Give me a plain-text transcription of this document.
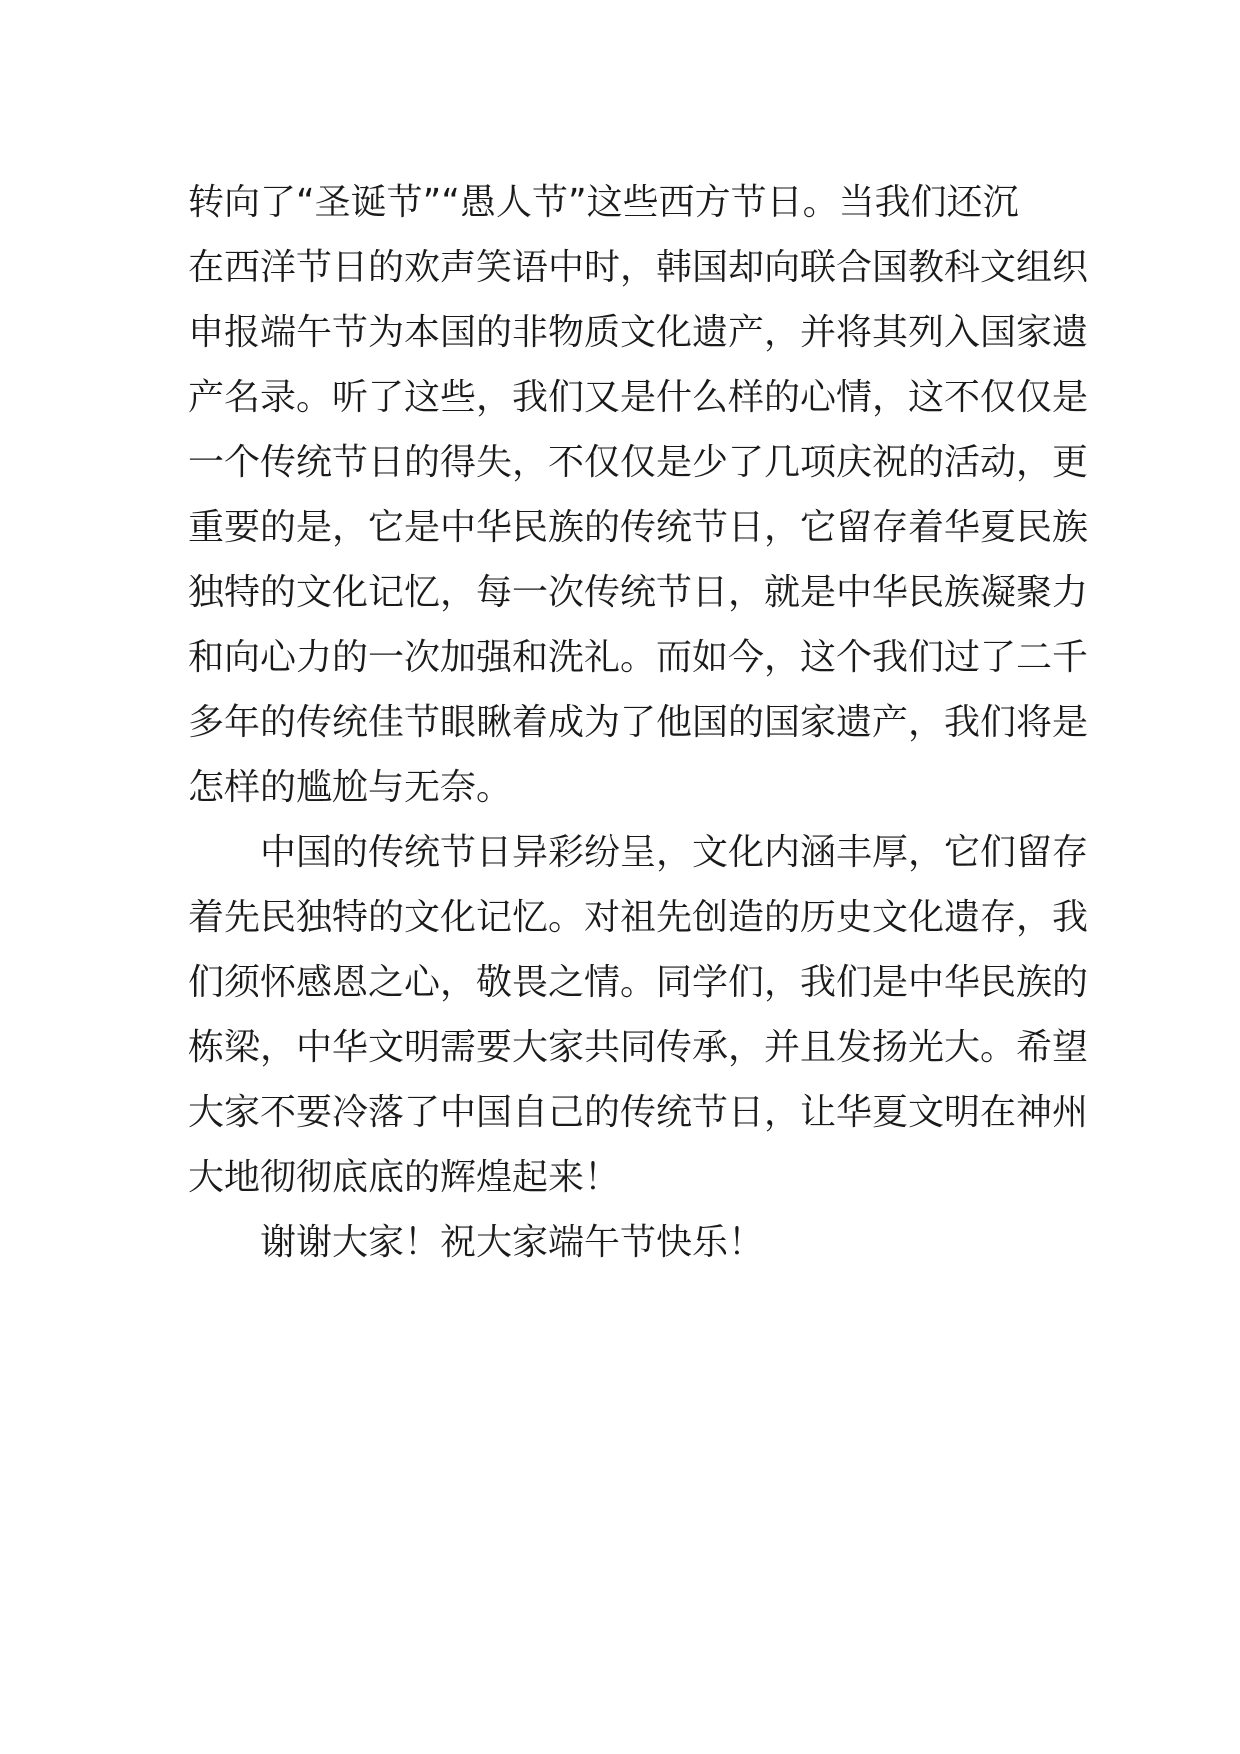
转向了“圣诞节”“愚人节”这些西方节日。当我们还沉
在西洋节日的欢声笑语中时，韩国却向联合国教科文组织
申报端午节为本国的非物质文化遗产，并将其列入国家遗
产名录。听了这些，我们又是什么样的心情，这不仅仅是
一个传统节日的得失，不仅仅是少了几项庆祝的活动，更
重要的是，它是中华民族的传统节日，它留存着华夏民族
独特的文化记忆，每一次传统节日，就是中华民族凝聚力
和向心力的一次加强和洗礼。而如今，这个我们过了二千
多年的传统佳节眼瞅着成为了他国的国家遗产，我们将是
怎样的尴尬与无奈。
中国的传统节日异彩纷呈，文化内涵丰厚，它们留存
着先民独特的文化记忆。对祖先创造的历史文化遗存，我
们须怀感恩之心，敬畏之情。同学们，我们是中华民族的
栋梁，中华文明需要大家共同传承，并且发扬光大。希望
大家不要冷落了中国自己的传统节日，让华夏文明在神州
大地彻彻底底的辉煌起来！
谢谢大家！祝大家端午节快乐！
